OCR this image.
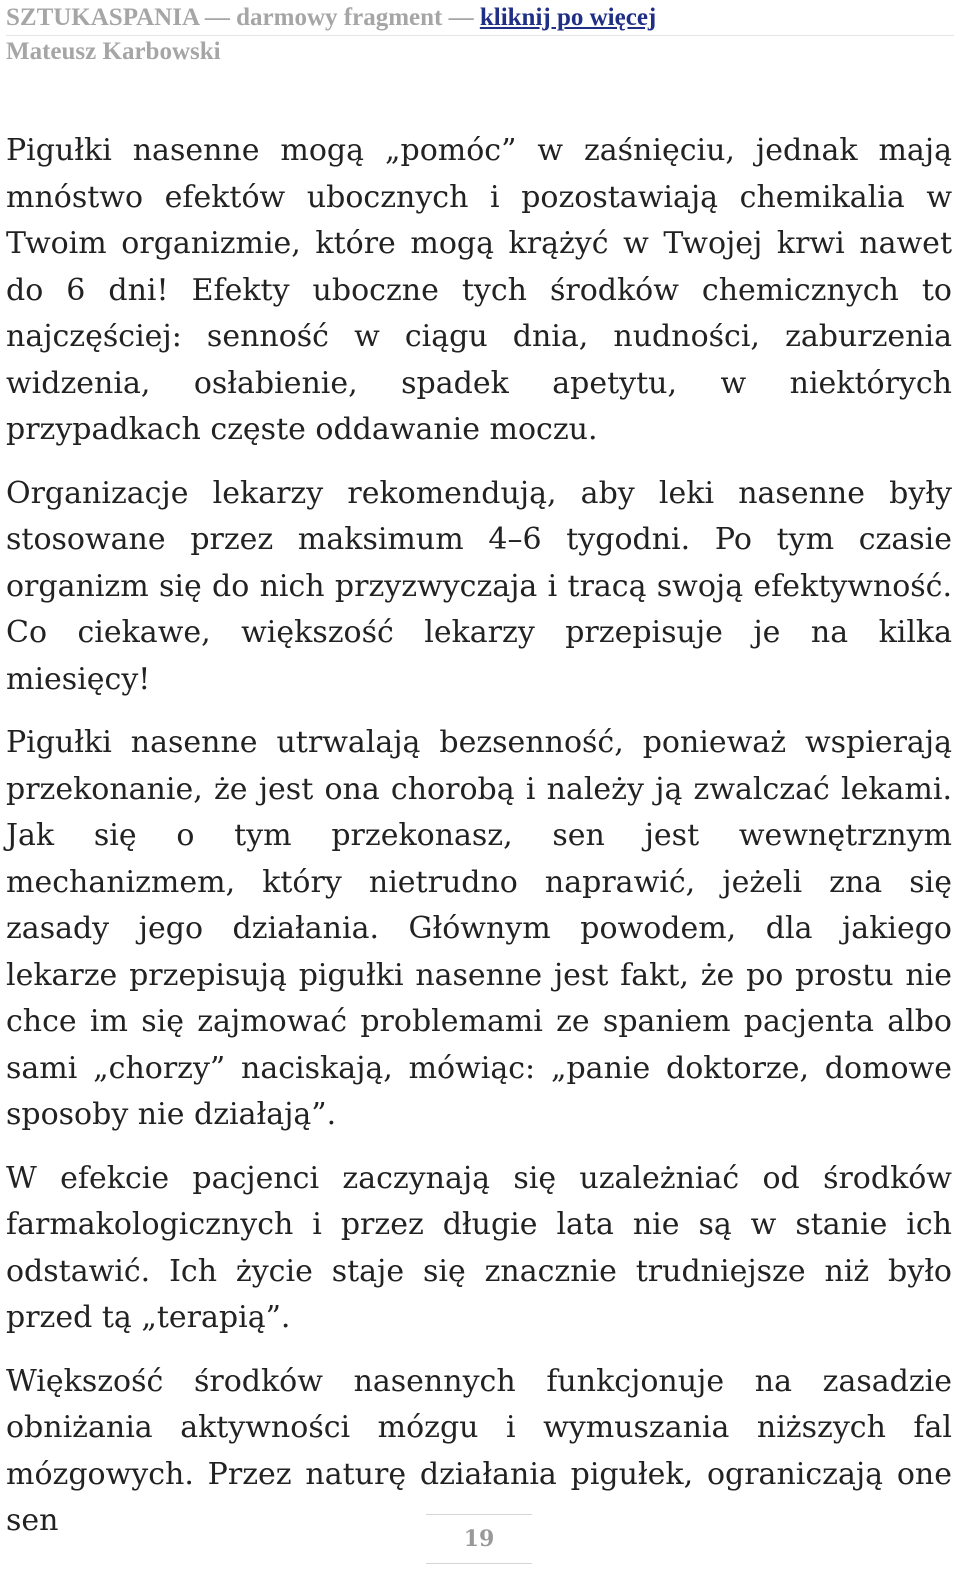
SZTUKASPANIA — darmowy fragment — kliknij po więcej
Mateusz Karbowski

Pigułki nasenne mogą „pomóc” w zaśnięciu, jednak mają mnóstwo efektów ubocznych i pozostawiają chemikalia w Twoim organizmie, które mogą krążyć w Twojej krwi nawet do 6 dni! Efekty uboczne tych środków chemicznych to najczęściej: senność w ciągu dnia, nudności, zaburzenia widzenia, osłabienie, spadek apetytu, w niektórych przypadkach częste oddawanie moczu.

Organizacje lekarzy rekomendują, aby leki nasenne były stosowane przez maksimum 4–6 tygodni. Po tym czasie organizm się do nich przyzwyczaja i tracą swoją efektywność. Co ciekawe, większość lekarzy przepisuje je na kilka miesięcy!

Pigułki nasenne utrwalają bezsenność, ponieważ wspierają przekonanie, że jest ona chorobą i należy ją zwalczać lekami. Jak się o tym przekonasz, sen jest wewnętrznym mechanizmem, który nietrudno naprawić, jeżeli zna się zasady jego działania. Głównym powodem, dla jakiego lekarze przepisują pigułki nasenne jest fakt, że po prostu nie chce im się zajmować problemami ze spaniem pacjenta albo sami „chorzy” naciskają, mówiąc: „panie doktorze, domowe sposoby nie działają”.

W efekcie pacjenci zaczynają się uzależniać od środków farmakologicznych i przez długie lata nie są w stanie ich odstawić. Ich życie staje się znacznie trudniejsze niż było przed tą „terapią”.

Większość środków nasennych funkcjonuje na zasadzie obniżania aktywności mózgu i wymuszania niższych fal mózgowych. Przez naturę działania pigułek, ograniczają one sen

19
